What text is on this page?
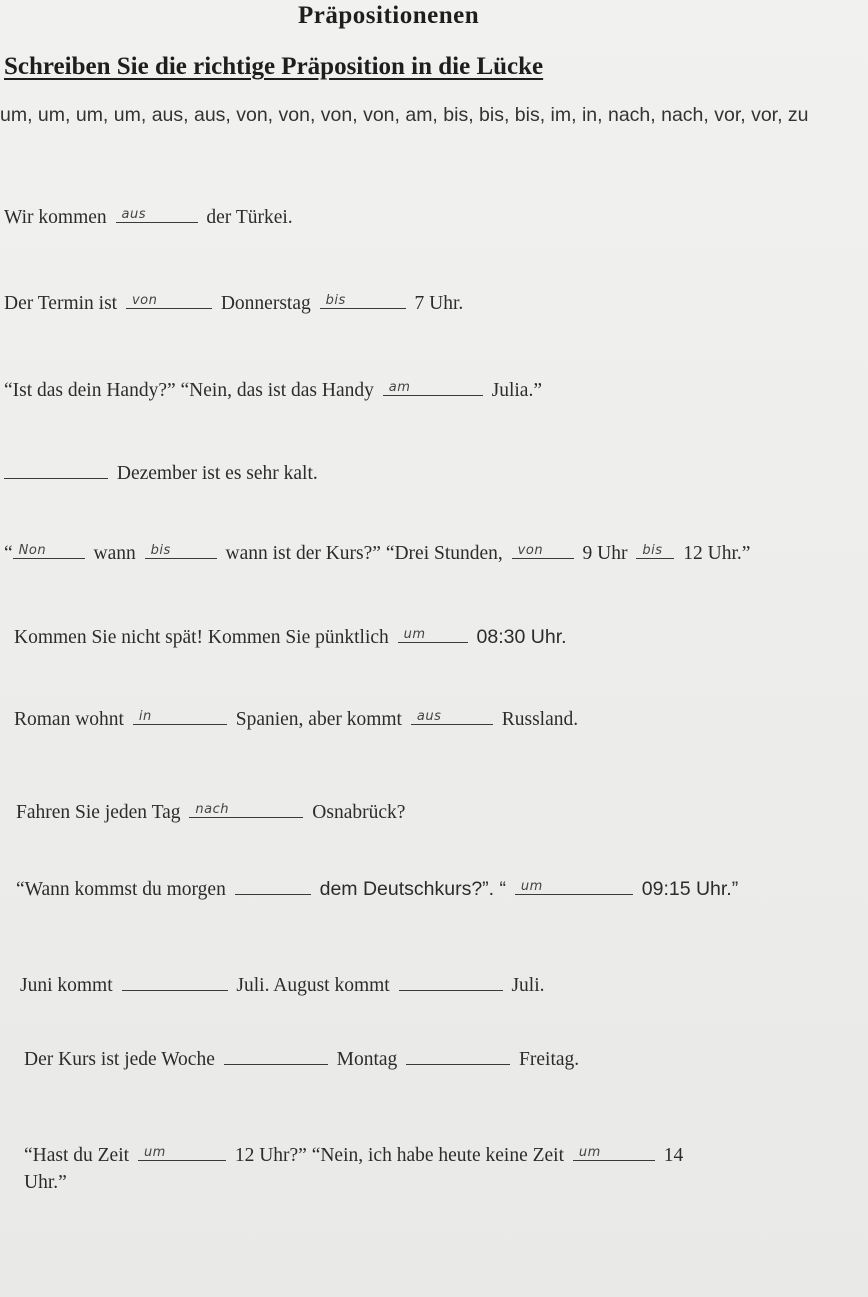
Präpositionenen
Schreiben Sie die richtige Präposition in die Lücke
um, um, um, um, aus, aus, von, von, von, von, am, bis, bis, bis, im, in, nach, nach, vor, vor, zu
Wir kommen aus	der Türkei.
Der Termin ist von	Donnerstag bis	7 Uhr.
“Ist das dein Handy?” “Nein, das ist das Handy am	Julia.”
Dezember ist es sehr kalt.
“ Non wann bis	wann ist der Kurs?” “Drei Stunden, von 9 Uhr bis 12 Uhr.”
Kommen Sie nicht spät! Kommen Sie pünktlich um	08:30 Uhr.
Roman wohnt in	Spanien, aber kommt aus	Russland.
Fahren Sie jeden Tag nach	Osnabrück?
“Wann kommst du morgen	dem Deutschkurs?”. “ um	09:15 Uhr.”
Juni kommt	Juli. August kommt	Juli.
Der Kurs ist jede Woche	Montag	Freitag.
“Hast du Zeit um	12 Uhr?” “Nein, ich habe heute keine Zeit um	14
Uhr.”
